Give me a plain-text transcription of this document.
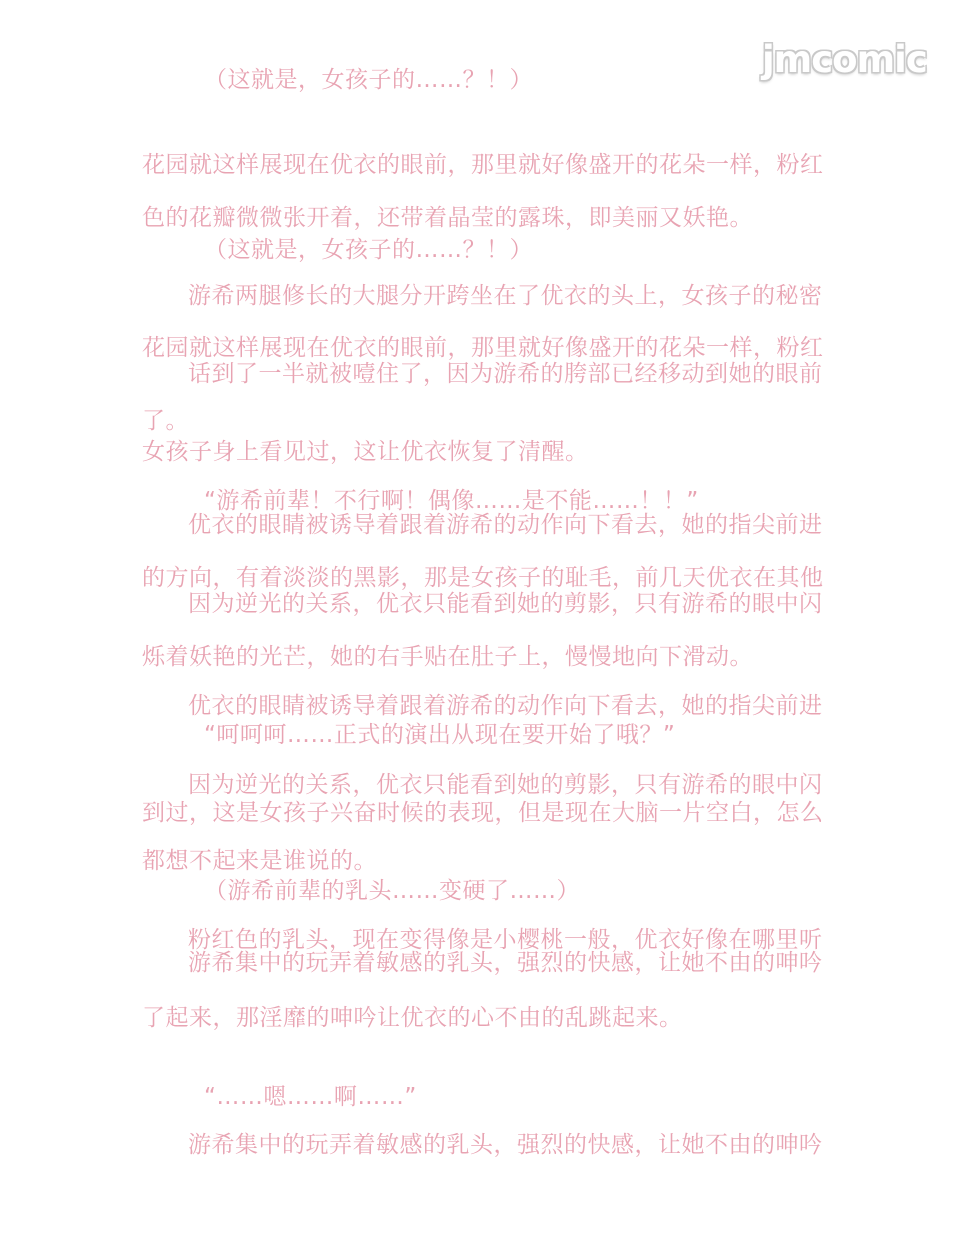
jmcomic
（这就是，女孩子的……？！）
花园就这样展现在优衣的眼前，那里就好像盛开的花朵一样，粉红
色的花瓣微微张开着，还带着晶莹的露珠，即美丽又妖艳。
（这就是，女孩子的……？！）
游希两腿修长的大腿分开跨坐在了优衣的头上，女孩子的秘密
花园就这样展现在优衣的眼前，那里就好像盛开的花朵一样，粉红
话到了一半就被噎住了，因为游希的胯部已经移动到她的眼前
了。
女孩子身上看见过，这让优衣恢复了清醒。
“游希前辈！不行啊！偶像……是不能……！！”
优衣的眼睛被诱导着跟着游希的动作向下看去，她的指尖前进
的方向，有着淡淡的黑影，那是女孩子的耻毛，前几天优衣在其他
因为逆光的关系，优衣只能看到她的剪影，只有游希的眼中闪
烁着妖艳的光芒，她的右手贴在肚子上，慢慢地向下滑动。
优衣的眼睛被诱导着跟着游希的动作向下看去，她的指尖前进
“呵呵呵……正式的演出从现在要开始了哦？”
因为逆光的关系，优衣只能看到她的剪影，只有游希的眼中闪
到过，这是女孩子兴奋时候的表现，但是现在大脑一片空白，怎么
都想不起来是谁说的。
（游希前辈的乳头……变硬了……）
粉红色的乳头，现在变得像是小樱桃一般，优衣好像在哪里听
游希集中的玩弄着敏感的乳头，强烈的快感，让她不由的呻吟
了起来，那淫靡的呻吟让优衣的心不由的乱跳起来。
“……嗯……啊……”
游希集中的玩弄着敏感的乳头，强烈的快感，让她不由的呻吟
